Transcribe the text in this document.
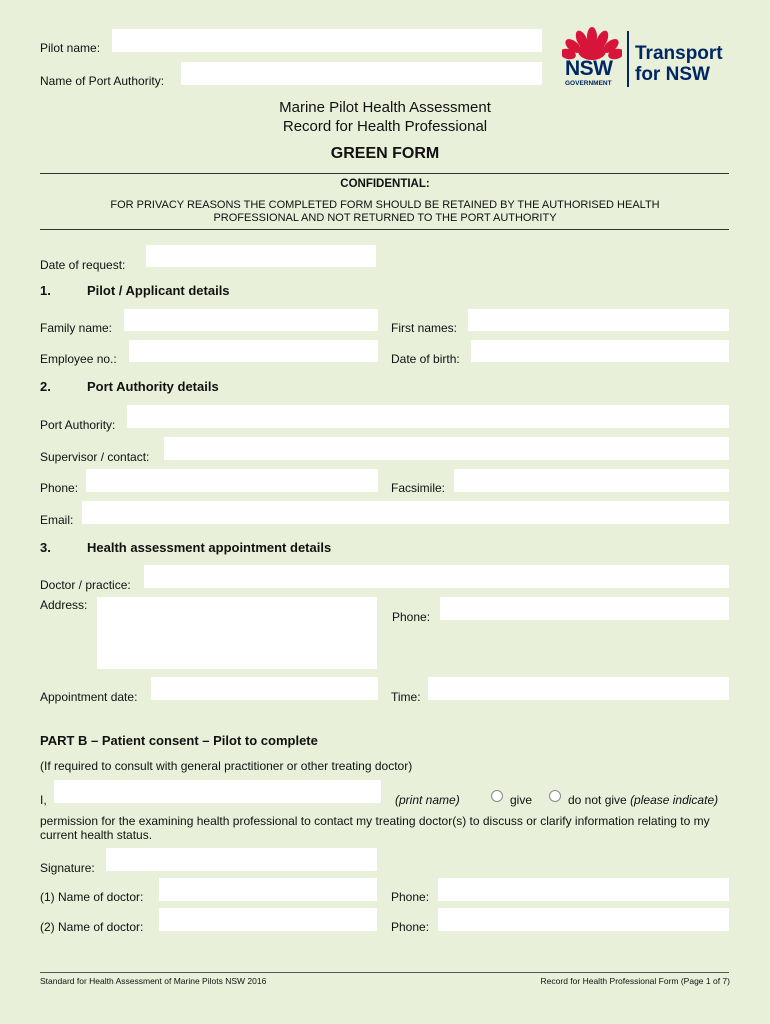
Pilot name:
Name of Port Authority:
NSW
GOVERNMENT
Transport
for NSW
Marine Pilot Health Assessment
Record for Health Professional
GREEN FORM
CONFIDENTIAL:
FOR PRIVACY REASONS THE COMPLETED FORM SHOULD BE RETAINED BY THE AUTHORISED HEALTH
PROFESSIONAL AND NOT RETURNED TO THE PORT AUTHORITY
Date of request:
1.	Pilot / Applicant details
Family name:	First names:
Employee no.:	Date of birth:
2.	Port Authority details
Port Authority:
Supervisor / contact:
Phone:	Facsimile:
Email:
3.	Health assessment appointment details
Doctor / practice:
Address:
Phone:
Appointment date:	Time:
PART B – Patient consent – Pilot to complete
(If required to consult with general practitioner or other treating doctor)
I,	(print name)	give	do not give (please indicate)
permission for the examining health professional to contact my treating doctor(s) to discuss or clarify information relating to my
current health status.
Signature:
(1) Name of doctor:	Phone:
(2) Name of doctor:	Phone:
Standard for Health Assessment of Marine Pilots NSW 2016	Record for Health Professional Form (Page 1 of 7)
